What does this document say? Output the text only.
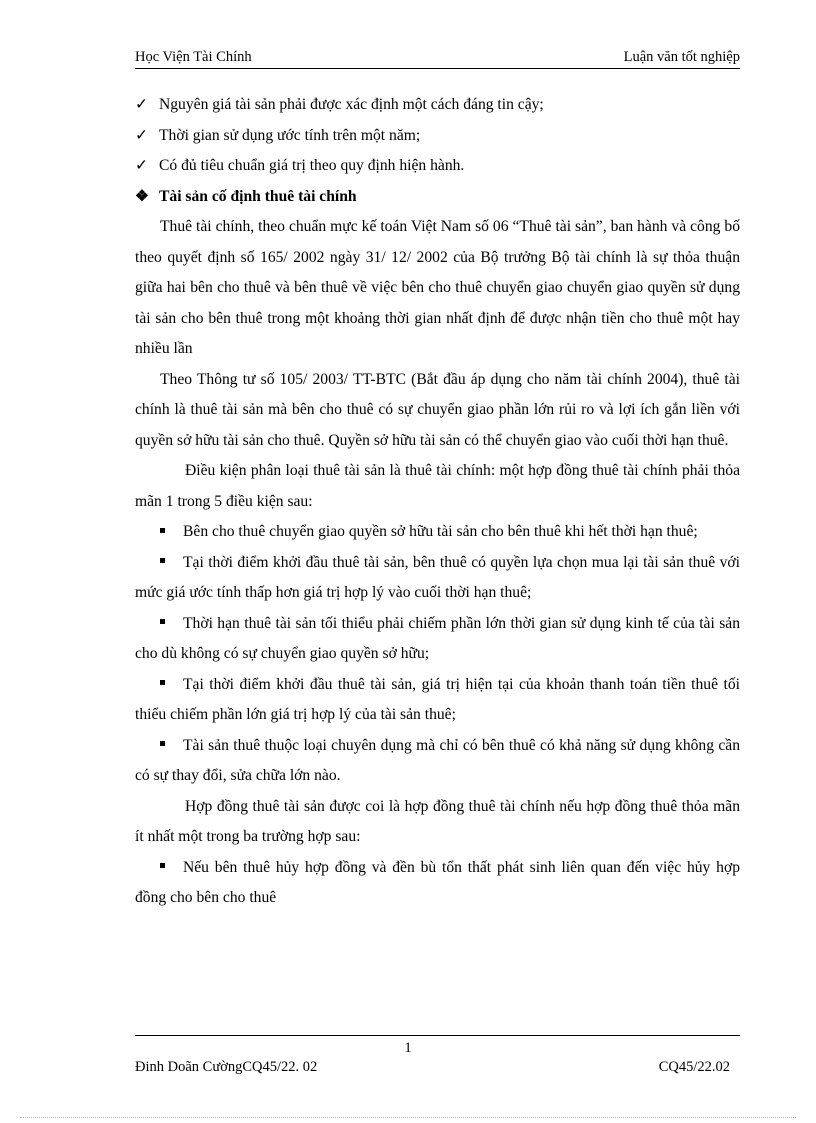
Học Viện Tài Chính	Luận văn tốt nghiệp
✓ Nguyên giá tài sản phải được xác định một cách đáng tin cậy;
✓ Thời gian sử dụng ước tính trên một năm;
✓ Có đủ tiêu chuẩn giá trị theo quy định hiện hành.
❖ Tài sản cố định thuê tài chính
Thuê tài chính, theo chuẩn mực kế toán Việt Nam số 06 “Thuê tài sản”, ban hành và công bố theo quyết định số 165/ 2002 ngày 31/ 12/ 2002 của Bộ trưởng Bộ tài chính là sự thỏa thuận giữa hai bên cho thuê và bên thuê về việc bên cho thuê chuyển giao chuyển giao quyền sử dụng tài sản cho bên thuê trong một khoảng thời gian nhất định để được nhận tiền cho thuê một hay nhiều lần
Theo Thông tư số 105/ 2003/ TT-BTC (Bắt đầu áp dụng cho năm tài chính 2004), thuê tài chính là thuê tài sản mà bên cho thuê có sự chuyển giao phần lớn rủi ro và lợi ích gắn liền với quyền sở hữu tài sản cho thuê. Quyền sở hữu tài sản có thể chuyển giao vào cuối thời hạn thuê.
Điều kiện phân loại thuê tài sản là thuê tài chính: một hợp đồng thuê tài chính phải thỏa mãn 1 trong 5 điều kiện sau:
Bên cho thuê chuyển giao quyền sở hữu tài sản cho bên thuê khi hết thời hạn thuê;
Tại thời điểm khởi đầu thuê tài sản, bên thuê có quyền lựa chọn mua lại tài sản thuê với mức giá ước tính thấp hơn giá trị hợp lý vào cuối thời hạn thuê;
Thời hạn thuê tài sản tối thiểu phải chiếm phần lớn thời gian sử dụng kinh tế của tài sản cho dù không có sự chuyển giao quyền sở hữu;
Tại thời điểm khởi đầu thuê tài sản, giá trị hiện tại của khoản thanh toán tiền thuê tối thiểu chiếm phần lớn giá trị hợp lý của tài sản thuê;
Tài sản thuê thuộc loại chuyên dụng mà chỉ có bên thuê có khả năng sử dụng không cần có sự thay đổi, sửa chữa lớn nào.
Hợp đồng thuê tài sản được coi là hợp đồng thuê tài chính nếu hợp đồng thuê thỏa mãn ít nhất một trong ba trường hợp sau:
Nếu bên thuê hủy hợp đồng và đền bù tổn thất phát sinh liên quan đến việc hủy hợp đồng cho bên cho thuê
1
Đinh Doãn CườngCQ45/22. 02	CQ45/22.02
